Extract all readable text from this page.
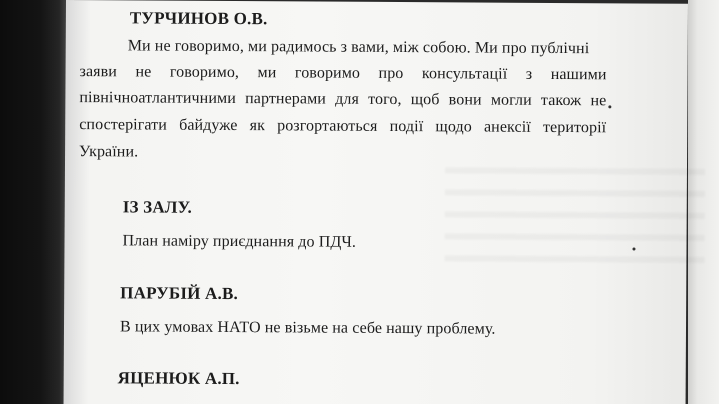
ТУРЧИНОВ О.В.

Ми не говоримо, ми радимось з вами, між собою. Ми про публічні

заяви не говоримо, ми говоримо про консультації з нашими

північноатлантичними партнерами для того, щоб вони могли також не

спостерігати байдуже як розгортаються події щодо анексії території

України.

ІЗ ЗАЛУ.

План наміру приєднання до ПДЧ.

ПАРУБІЙ А.В.

В цих умовах НАТО не візьме на себе нашу проблему.

ЯЦЕНЮК А.П.
